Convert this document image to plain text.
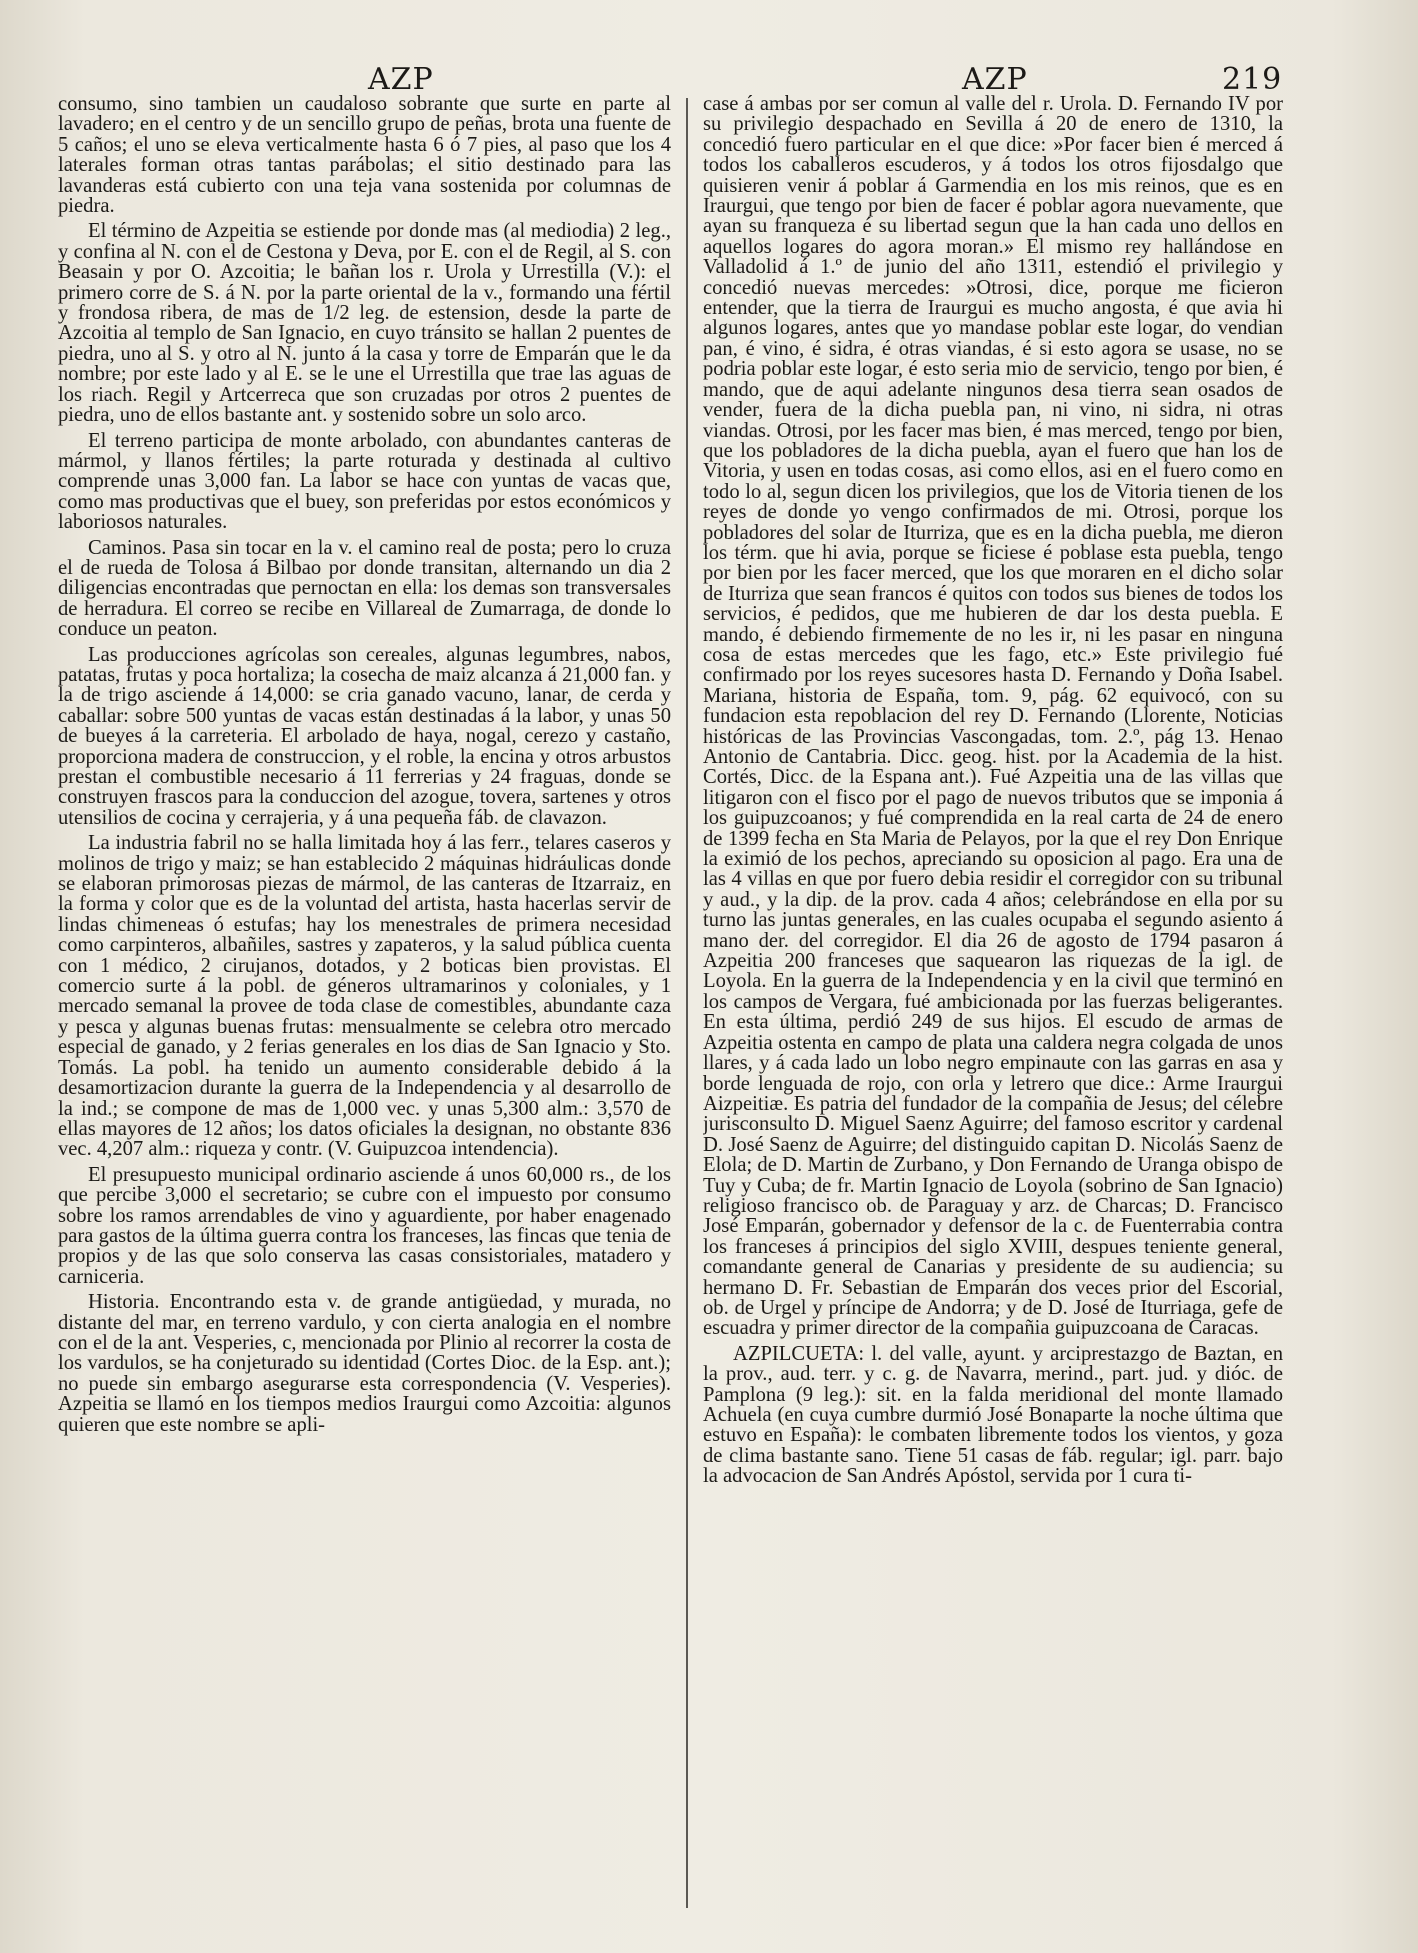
AZP	AZP	219

consumo, sino tambien un caudaloso sobrante que surte en parte al lavadero; en el centro y de un sencillo grupo de peñas, brota una fuente de 5 caños; el uno se eleva verticalmente hasta 6 ó 7 pies, al paso que los 4 laterales forman otras tantas parábolas; el sitio destinado para las lavanderas está cubierto con una teja vana sostenida por columnas de piedra.

El término de Azpeitia se estiende por donde mas (al mediodia) 2 leg., y confina al N. con el de Cestona y Deva, por E. con el de Regil, al S. con Beasain y por O. Azcoitia; le bañan los r. Urola y Urrestilla (V.): el primero corre de S. á N. por la parte oriental de la v., formando una fértil y frondosa ribera, de mas de 1/2 leg. de estension, desde la parte de Azcoitia al templo de San Ignacio, en cuyo tránsito se hallan 2 puentes de piedra, uno al S. y otro al N. junto á la casa y torre de Emparán que le da nombre; por este lado y al E. se le une el Urrestilla que trae las aguas de los riach. Regil y Artcerreca que son cruzadas por otros 2 puentes de piedra, uno de ellos bastante ant. y sostenido sobre un solo arco.

El terreno participa de monte arbolado, con abundantes canteras de mármol, y llanos fértiles; la parte roturada y destinada al cultivo comprende unas 3,000 fan. La labor se hace con yuntas de vacas que, como mas productivas que el buey, son preferidas por estos económicos y laboriosos naturales.

Caminos. Pasa sin tocar en la v. el camino real de posta; pero lo cruza el de rueda de Tolosa á Bilbao por donde transitan, alternando un dia 2 diligencias encontradas que pernoctan en ella: los demas son transversales de herradura. El correo se recibe en Villareal de Zumarraga, de donde lo conduce un peaton.

Las producciones agrícolas son cereales, algunas legumbres, nabos, patatas, frutas y poca hortaliza; la cosecha de maiz alcanza á 21,000 fan. y la de trigo asciende á 14,000: se cria ganado vacuno, lanar, de cerda y caballar: sobre 500 yuntas de vacas están destinadas á la labor, y unas 50 de bueyes á la carreteria. El arbolado de haya, nogal, cerezo y castaño, proporciona madera de construccion, y el roble, la encina y otros arbustos prestan el combustible necesario á 11 ferrerias y 24 fraguas, donde se construyen frascos para la conduccion del azogue, tovera, sartenes y otros utensilios de cocina y cerrajeria, y á una pequeña fáb. de clavazon.

La industria fabril no se halla limitada hoy á las ferr., telares caseros y molinos de trigo y maiz; se han establecido 2 máquinas hidráulicas donde se elaboran primorosas piezas de mármol, de las canteras de Itzarraiz, en la forma y color que es de la voluntad del artista, hasta hacerlas servir de lindas chimeneas ó estufas; hay los menestrales de primera necesidad como carpinteros, albañiles, sastres y zapateros, y la salud pública cuenta con 1 médico, 2 cirujanos, dotados, y 2 boticas bien provistas. El comercio surte á la pobl. de géneros ultramarinos y coloniales, y 1 mercado semanal la provee de toda clase de comestibles, abundante caza y pesca y algunas buenas frutas: mensualmente se celebra otro mercado especial de ganado, y 2 ferias generales en los dias de San Ignacio y Sto. Tomás. La pobl. ha tenido un aumento considerable debido á la desamortizacion durante la guerra de la Independencia y al desarrollo de la ind.; se compone de mas de 1,000 vec. y unas 5,300 alm.: 3,570 de ellas mayores de 12 años; los datos oficiales la designan, no obstante 836 vec. 4,207 alm.: riqueza y contr. (V. Guipuzcoa intendencia).

El presupuesto municipal ordinario asciende á unos 60,000 rs., de los que percibe 3,000 el secretario; se cubre con el impuesto por consumo sobre los ramos arrendables de vino y aguardiente, por haber enagenado para gastos de la última guerra contra los franceses, las fincas que tenia de propios y de las que solo conserva las casas consistoriales, matadero y carniceria.

Historia. Encontrando esta v. de grande antigüedad, y murada, no distante del mar, en terreno vardulo, y con cierta analogia en el nombre con el de la ant. Vesperies, c, mencionada por Plinio al recorrer la costa de los vardulos, se ha conjeturado su identidad (Cortes Dioc. de la Esp. ant.); no puede sin embargo asegurarse esta correspondencia (V. Vesperies). Azpeitia se llamó en los tiempos medios Iraurgui como Azcoitia: algunos quieren que este nombre se apli-

case á ambas por ser comun al valle del r. Urola. D. Fernando IV por su privilegio despachado en Sevilla á 20 de enero de 1310, la concedió fuero particular en el que dice: »Por facer bien é merced á todos los caballeros escuderos, y á todos los otros fijosdalgo que quisieren venir á poblar á Garmendia en los mis reinos, que es en Iraurgui, que tengo por bien de facer é poblar agora nuevamente, que ayan su franqueza é su libertad segun que la han cada uno dellos en aquellos logares do agora moran.» El mismo rey hallándose en Valladolid á 1.º de junio del año 1311, estendió el privilegio y concedió nuevas mercedes: »Otrosi, dice, porque me ficieron entender, que la tierra de Iraurgui es mucho angosta, é que avia hi algunos logares, antes que yo mandase poblar este logar, do vendian pan, é vino, é sidra, é otras viandas, é si esto agora se usase, no se podria poblar este logar, é esto seria mio de servicio, tengo por bien, é mando, que de aqui adelante ningunos desa tierra sean osados de vender, fuera de la dicha puebla pan, ni vino, ni sidra, ni otras viandas. Otrosi, por les facer mas bien, é mas merced, tengo por bien, que los pobladores de la dicha puebla, ayan el fuero que han los de Vitoria, y usen en todas cosas, asi como ellos, asi en el fuero como en todo lo al, segun dicen los privilegios, que los de Vitoria tienen de los reyes de donde yo vengo confirmados de mi. Otrosi, porque los pobladores del solar de Iturriza, que es en la dicha puebla, me dieron los térm. que hi avia, porque se ficiese é poblase esta puebla, tengo por bien por les facer merced, que los que moraren en el dicho solar de Iturriza que sean francos é quitos con todos sus bienes de todos los servicios, é pedidos, que me hubieren de dar los desta puebla. E mando, é debiendo firmemente de no les ir, ni les pasar en ninguna cosa de estas mercedes que les fago, etc.» Este privilegio fué confirmado por los reyes sucesores hasta D. Fernando y Doña Isabel. Mariana, historia de España, tom. 9, pág. 62 equivocó, con su fundacion esta repoblacion del rey D. Fernando (Llorente, Noticias históricas de las Provincias Vascongadas, tom. 2.º, pág 13. Henao Antonio de Cantabria. Dicc. geog. hist. por la Academia de la hist. Cortés, Dicc. de la Espana ant.). Fué Azpeitia una de las villas que litigaron con el fisco por el pago de nuevos tributos que se imponia á los guipuzcoanos; y fué comprendida en la real carta de 24 de enero de 1399 fecha en Sta Maria de Pelayos, por la que el rey Don Enrique la eximió de los pechos, apreciando su oposicion al pago. Era una de las 4 villas en que por fuero debia residir el corregidor con su tribunal y aud., y la dip. de la prov. cada 4 años; celebrándose en ella por su turno las juntas generales, en las cuales ocupaba el segundo asiento á mano der. del corregidor. El dia 26 de agosto de 1794 pasaron á Azpeitia 200 franceses que saquearon las riquezas de la igl. de Loyola. En la guerra de la Independencia y en la civil que terminó en los campos de Vergara, fué ambicionada por las fuerzas beligerantes. En esta última, perdió 249 de sus hijos. El escudo de armas de Azpeitia ostenta en campo de plata una caldera negra colgada de unos llares, y á cada lado un lobo negro empinaute con las garras en asa y borde lenguada de rojo, con orla y letrero que dice.: Arme Iraurgui Aizpeitiæ. Es patria del fundador de la compañia de Jesus; del célebre jurisconsulto D. Miguel Saenz Aguirre; del famoso escritor y cardenal D. José Saenz de Aguirre; del distinguido capitan D. Nicolás Saenz de Elola; de D. Martin de Zurbano, y Don Fernando de Uranga obispo de Tuy y Cuba; de fr. Martin Ignacio de Loyola (sobrino de San Ignacio) religioso francisco ob. de Paraguay y arz. de Charcas; D. Francisco José Emparán, gobernador y defensor de la c. de Fuenterrabia contra los franceses á principios del siglo XVIII, despues teniente general, comandante general de Canarias y presidente de su audiencia; su hermano D. Fr. Sebastian de Emparán dos veces prior del Escorial, ob. de Urgel y príncipe de Andorra; y de D. José de Iturriaga, gefe de escuadra y primer director de la compañia guipuzcoana de Caracas.

AZPILCUETA: l. del valle, ayunt. y arciprestazgo de Baztan, en la prov., aud. terr. y c. g. de Navarra, merind., part. jud. y dióc. de Pamplona (9 leg.): sit. en la falda meridional del monte llamado Achuela (en cuya cumbre durmió José Bonaparte la noche última que estuvo en España): le combaten libremente todos los vientos, y goza de clima bastante sano. Tiene 51 casas de fáb. regular; igl. parr. bajo la advocacion de San Andrés Apóstol, servida por 1 cura ti-
